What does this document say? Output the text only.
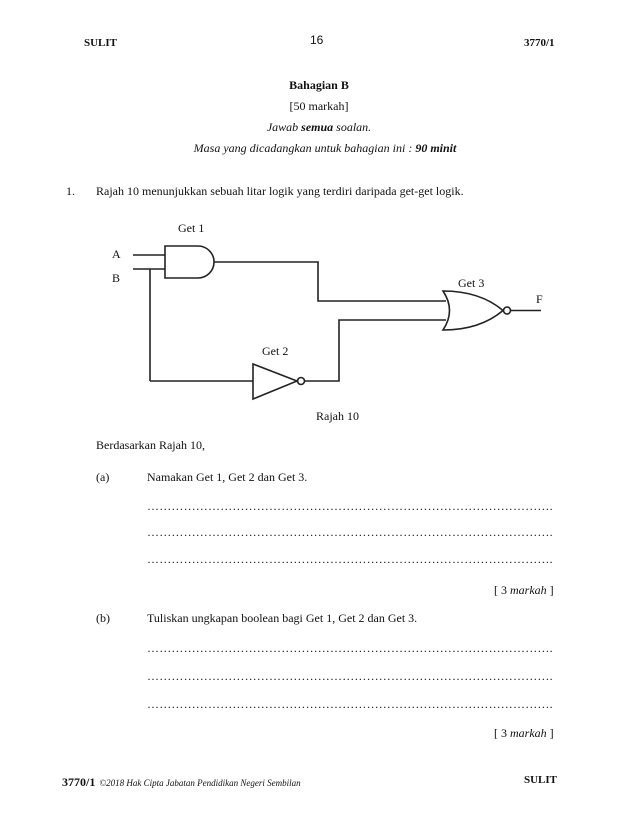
SULIT	16	3770/1
Bahagian B
[50 markah]
Jawab semua soalan.
Masa yang dicadangkan untuk bahagian ini : 90 minit
1. Rajah 10 menunjukkan sebuah litar logik yang terdiri daripada get-get logik.
Get 1
A
B	Get 3
F
Get 2
Rajah 10
Berdasarkan Rajah 10,
(a)	Namakan Get 1, Get 2 dan Get 3.
……………………………………………………………………………………….
……………………………………………………………………………………….
……………………………………………………………………………………….
[ 3 markah ]
(b)	Tuliskan ungkapan boolean bagi Get 1, Get 2 dan Get 3.
……………………………………………………………………………………….
……………………………………………………………………………………….
……………………………………………………………………………………….
[ 3 markah ]
3770/1 ©2018 Hak Cipta Jabatan Pendidikan Negeri Sembilan	SULIT
